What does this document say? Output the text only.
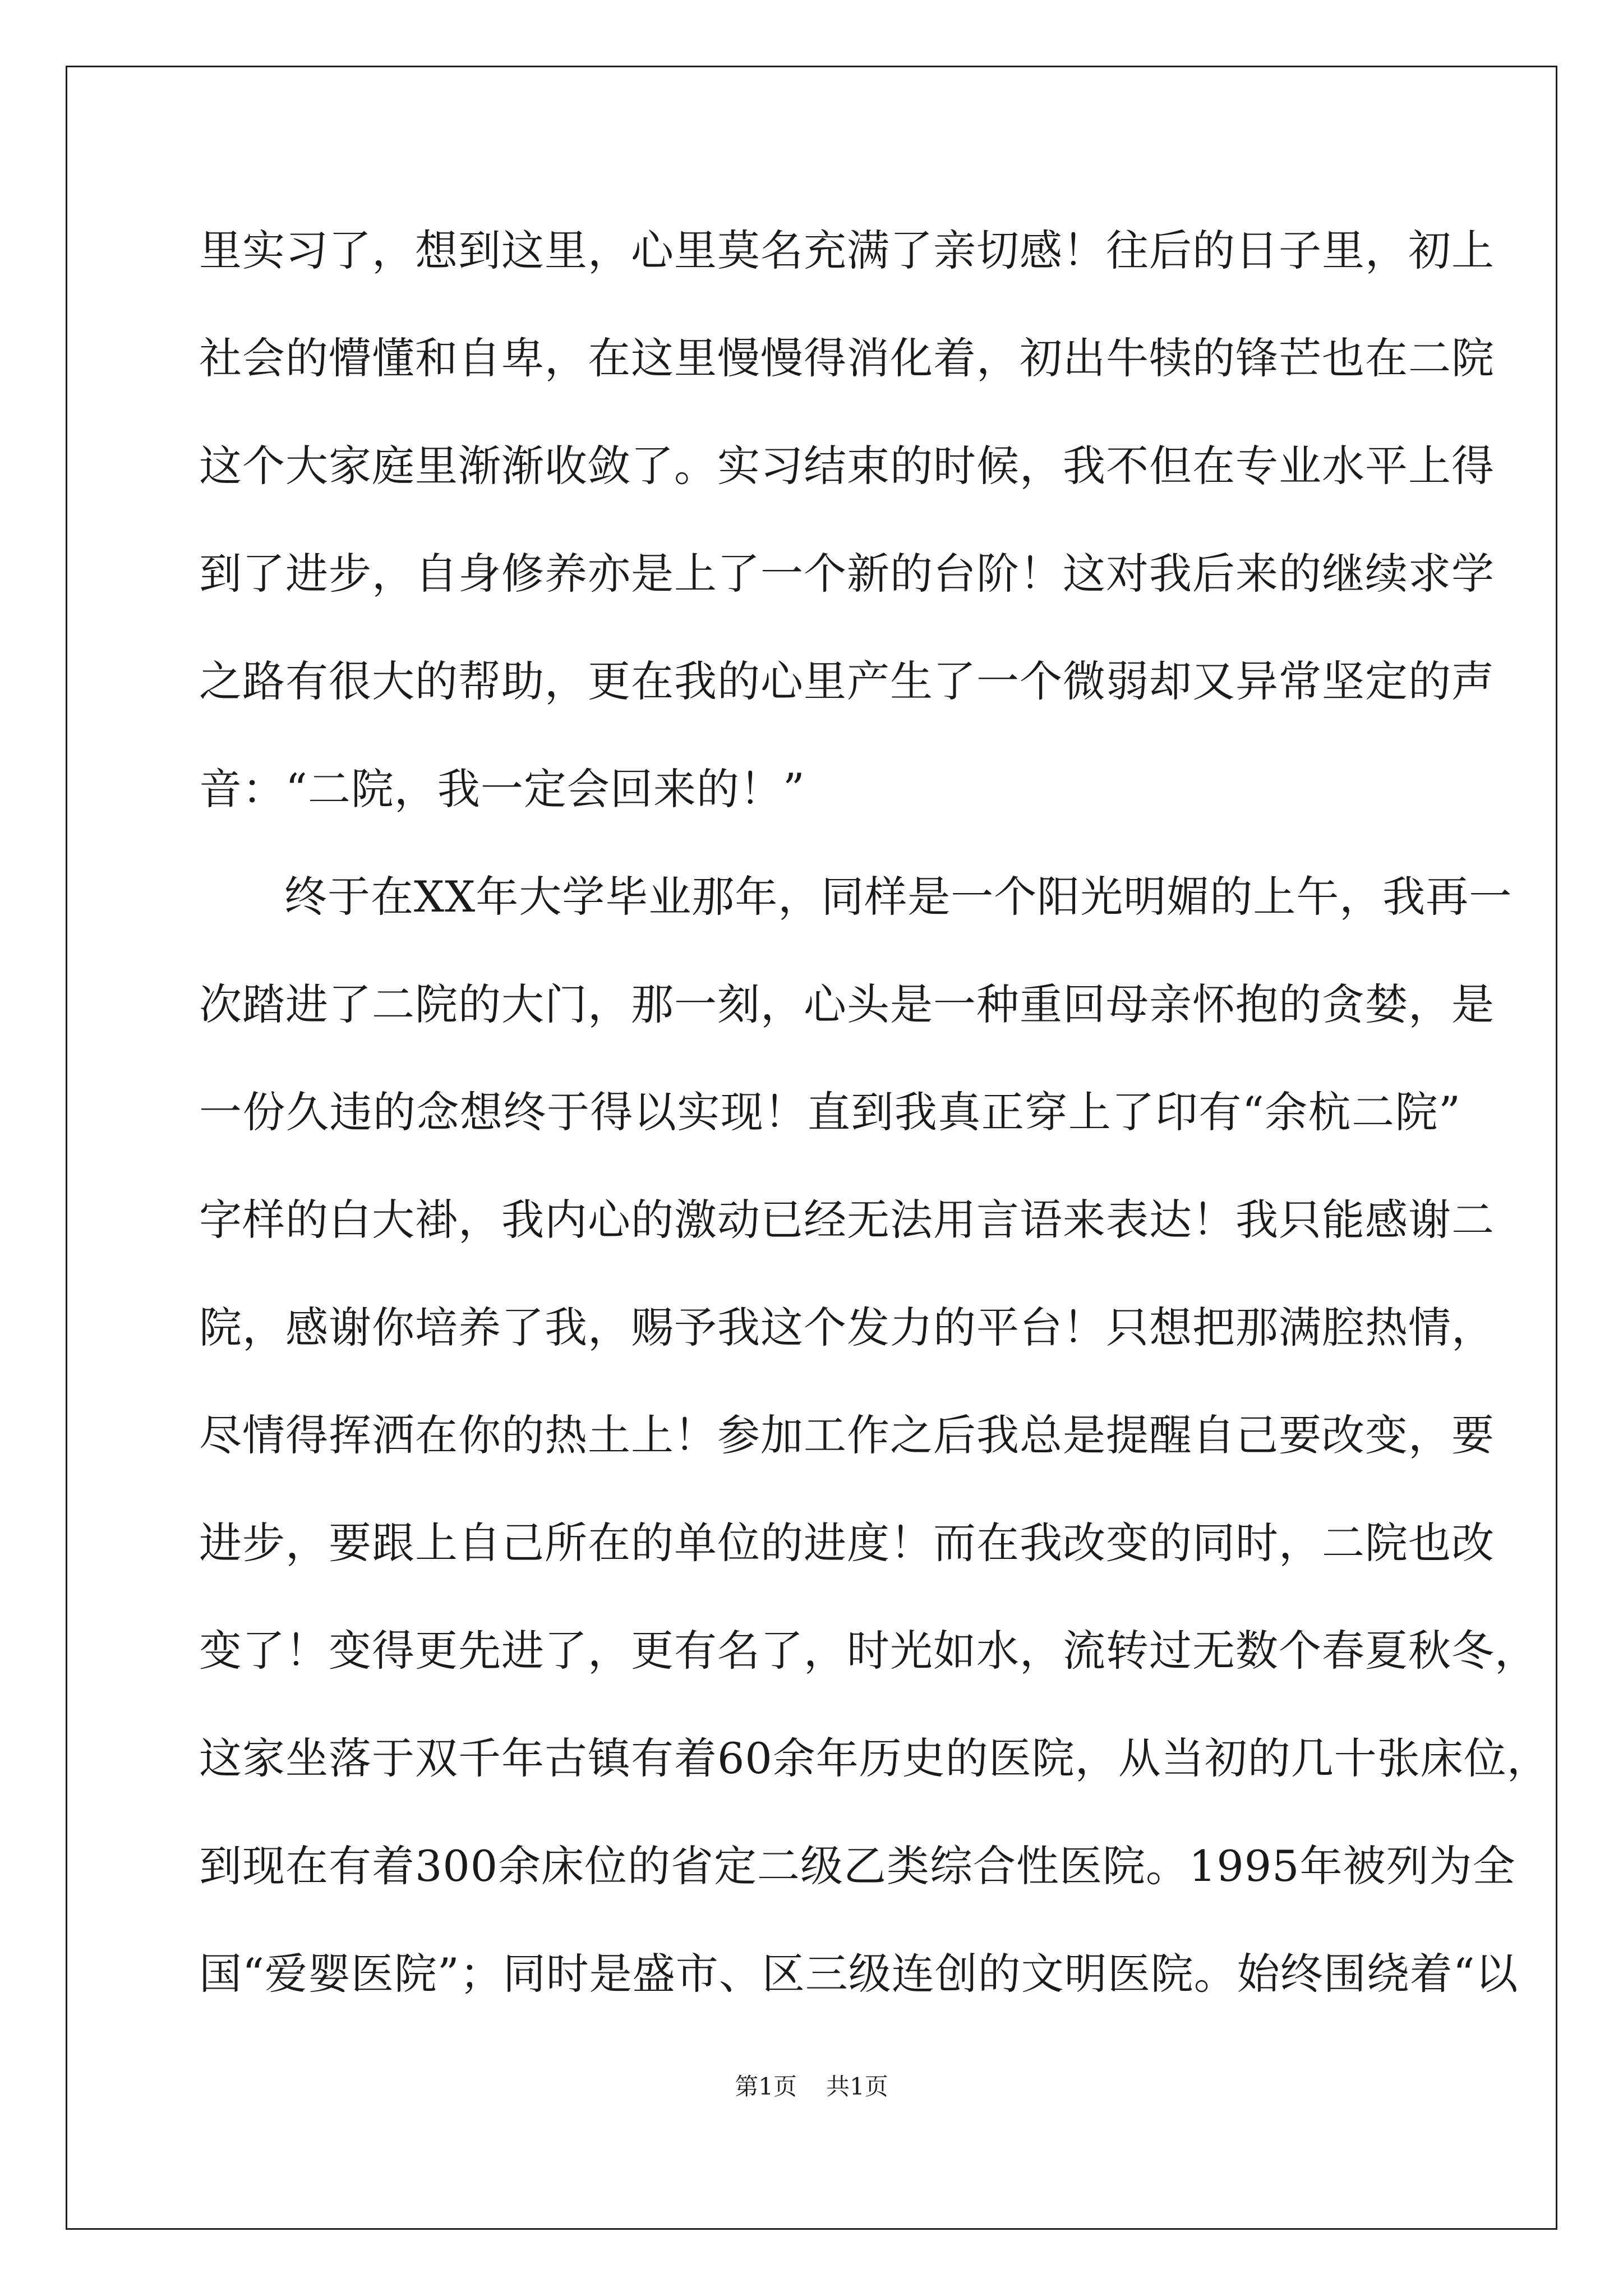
里实习了，想到这里，心里莫名充满了亲切感！往后的日子里，初上
社会的懵懂和自卑，在这里慢慢得消化着，初出牛犊的锋芒也在二院
这个大家庭里渐渐收敛了。实习结束的时候，我不但在专业水平上得
到了进步，自身修养亦是上了一个新的台阶！这对我后来的继续求学
之路有很大的帮助，更在我的心里产生了一个微弱却又异常坚定的声
音：“二院，我一定会回来的！”
终于在XX年大学毕业那年，同样是一个阳光明媚的上午，我再一
次踏进了二院的大门，那一刻，心头是一种重回母亲怀抱的贪婪，是
一份久违的念想终于得以实现！直到我真正穿上了印有“余杭二院”
字样的白大褂，我内心的激动已经无法用言语来表达！我只能感谢二
院，感谢你培养了我，赐予我这个发力的平台！只想把那满腔热情，
尽情得挥洒在你的热土上！参加工作之后我总是提醒自己要改变，要
进步，要跟上自己所在的单位的进度！而在我改变的同时，二院也改
变了！变得更先进了，更有名了，时光如水，流转过无数个春夏秋冬，
这家坐落于双千年古镇有着60余年历史的医院，从当初的几十张床位，
到现在有着300余床位的省定二级乙类综合性医院。1995年被列为全
国“爱婴医院”；同时是盛市、区三级连创的文明医院。始终围绕着“以
第1页 共1页
